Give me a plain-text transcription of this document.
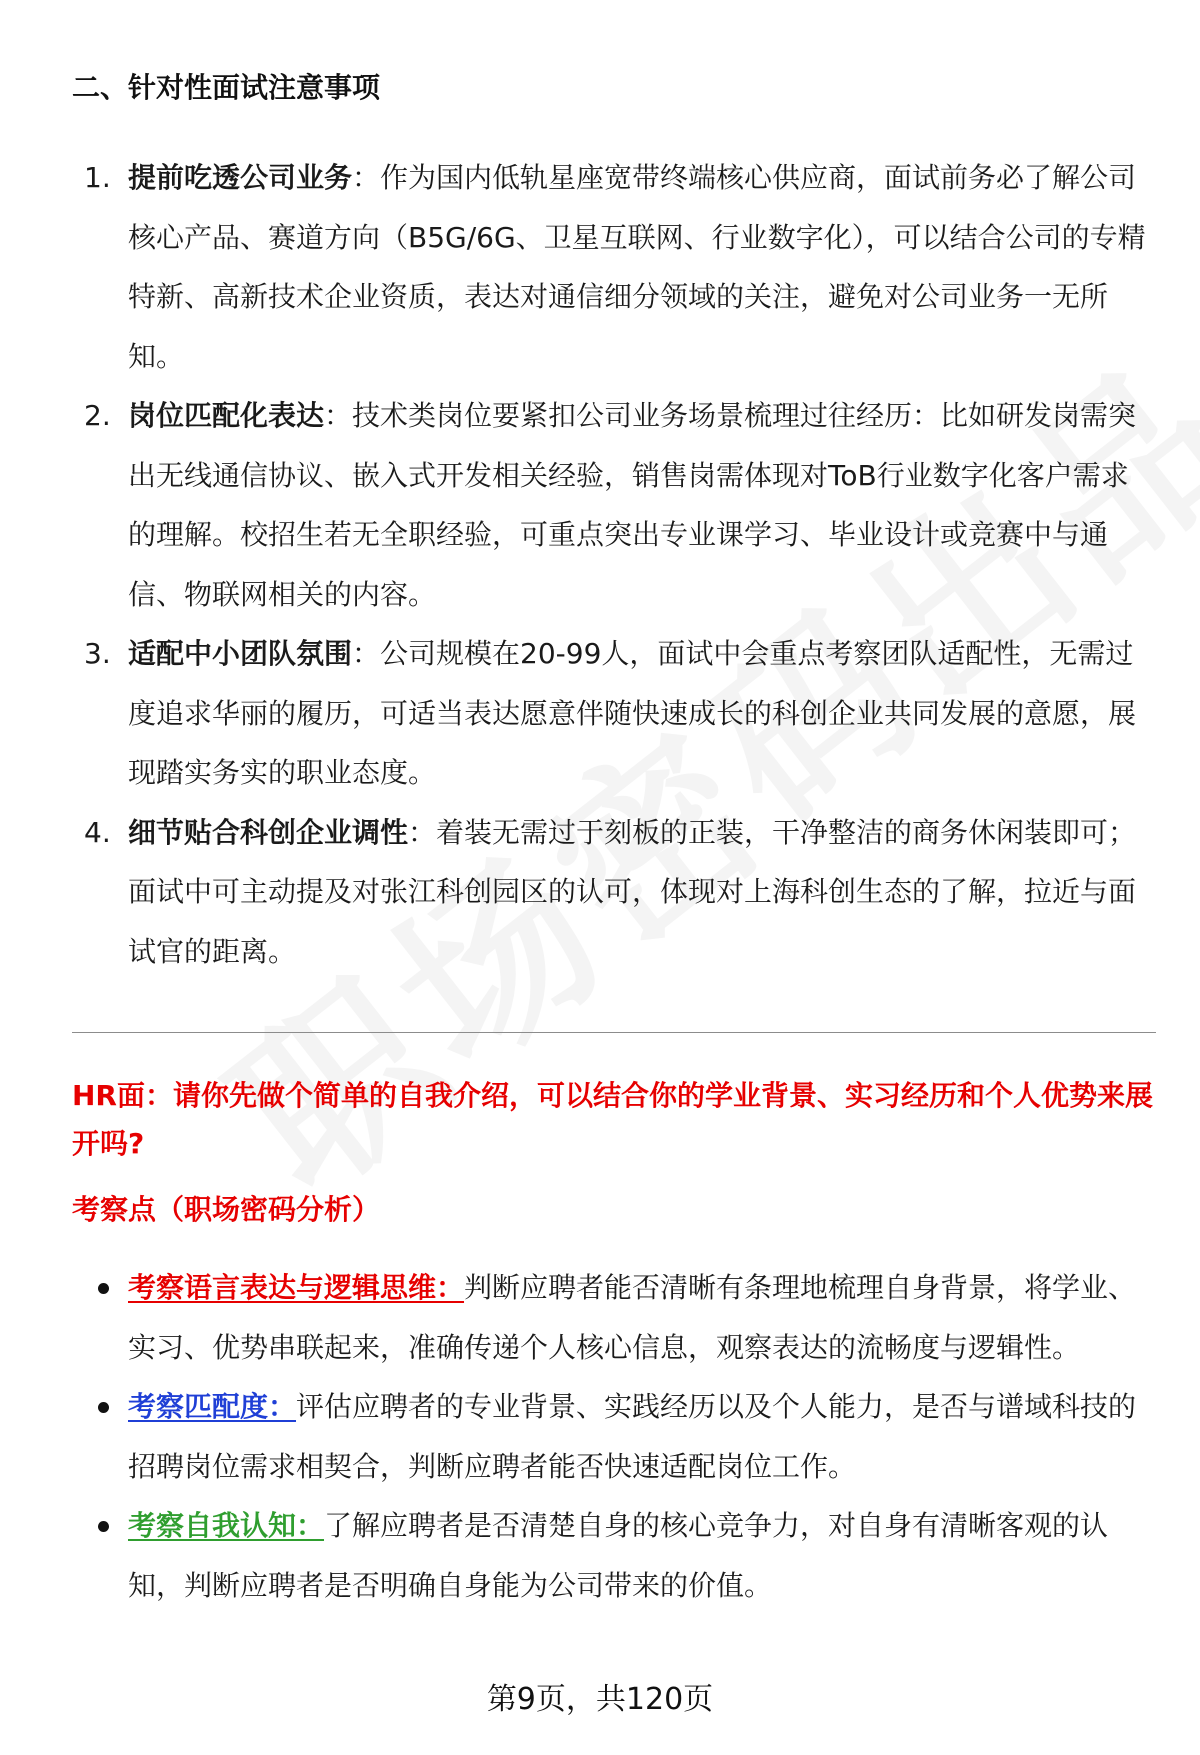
二、针对性面试注意事项
1. 提前吃透公司业务：作为国内低轨星座宽带终端核心供应商，面试前务必了解公司核心产品、赛道方向（B5G/6G、卫星互联网、行业数字化），可以结合公司的专精特新、高新技术企业资质，表达对通信细分领域的关注，避免对公司业务一无所知。
2. 岗位匹配化表达：技术类岗位要紧扣公司业务场景梳理过往经历：比如研发岗需突出无线通信协议、嵌入式开发相关经验，销售岗需体现对ToB行业数字化客户需求的理解。校招生若无全职经验，可重点突出专业课学习、毕业设计或竞赛中与通信、物联网相关的内容。
3. 适配中小团队氛围：公司规模在20-99人，面试中会重点考察团队适配性，无需过度追求华丽的履历，可适当表达愿意伴随快速成长的科创企业共同发展的意愿，展现踏实务实的职业态度。
4. 细节贴合科创企业调性：着装无需过于刻板的正装，干净整洁的商务休闲装即可；面试中可主动提及对张江科创园区的认可，体现对上海科创生态的了解，拉近与面试官的距离。
HR面：请你先做个简单的自我介绍，可以结合你的学业背景、实习经历和个人优势来展开吗?
考察点（职场密码分析）
考察语言表达与逻辑思维：判断应聘者能否清晰有条理地梳理自身背景，将学业、实习、优势串联起来，准确传递个人核心信息，观察表达的流畅度与逻辑性。
考察匹配度：评估应聘者的专业背景、实践经历以及个人能力，是否与谱域科技的招聘岗位需求相契合，判断应聘者能否快速适配岗位工作。
考察自我认知：了解应聘者是否清楚自身的核心竞争力，对自身有清晰客观的认知，判断应聘者是否明确自身能为公司带来的价值。
第9页，共120页
